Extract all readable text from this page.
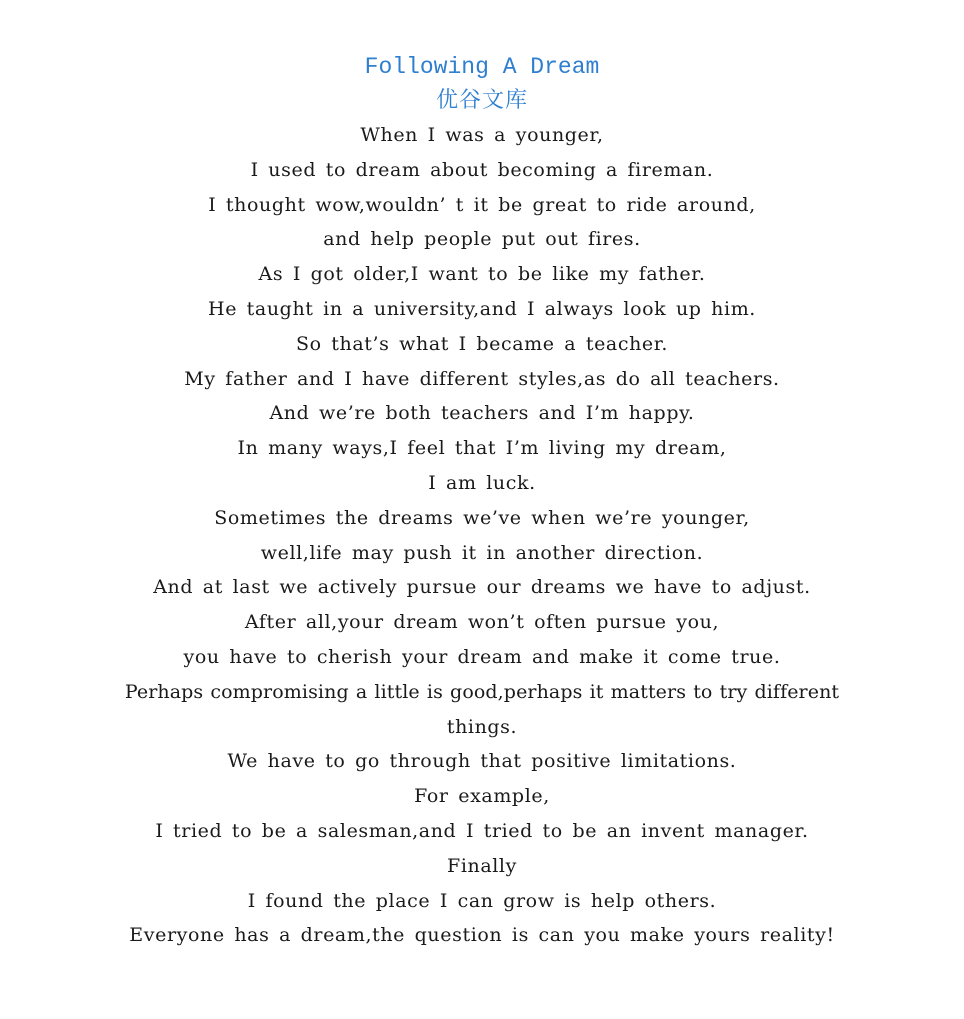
Following A Dream
优谷文库
When I was a younger,
I used to dream about becoming a fireman.
I thought wow,wouldn’ t it be great to ride around,
and help people put out fires.
As I got older,I want to be like my father.
He taught in a university,and I always look up him.
So that’s what I became a teacher.
My father and I have different styles,as do all teachers.
And we’re both teachers and I’m happy.
In many ways,I feel that I’m living my dream,
I am luck.
Sometimes the dreams we’ve when we’re younger,
well,life may push it in another direction.
And at last we actively pursue our dreams we have to adjust.
After all,your dream won’t often pursue you,
you have to cherish your dream and make it come true.
Perhaps compromising a little is good,perhaps it matters to try different
things.
We have to go through that positive limitations.
For example,
I tried to be a salesman,and I tried to be an invent manager.
Finally
I found the place I can grow is help others.
Everyone has a dream,the question is can you make yours reality!
